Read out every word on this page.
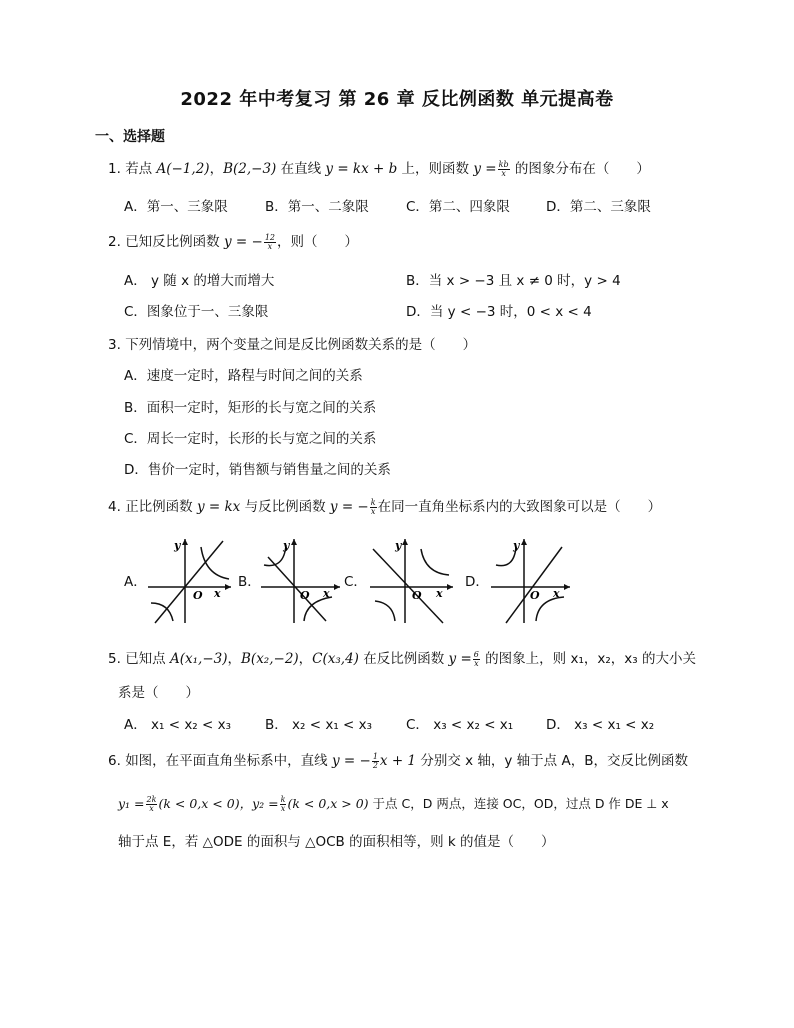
2022 年中考复习 第 26 章 反比例函数 单元提高卷
一、选择题
1. 若点 A(−1,2)，B(2,−3) 在直线 y = kx + b 上，则函数 $y = \frac{kb}{x}$ 的图象分布在（　　）
A．第一、三象限	B．第一、二象限	C．第二、四象限	D．第二、三象限
2. 已知反比例函数 y = − $\frac{12}{x}$ ，则（　　）
A． y 随 x 的增大而增大	B．当 x > −3 且 x ≠ 0 时，y > 4
C．图象位于一、三象限	D．当 y < −3 时，0 < x < 4
3. 下列情境中，两个变量之间是反比例函数关系的是（　　）
A．速度一定时，路程与时间之间的关系
B．面积一定时，矩形的长与宽之间的关系
C．周长一定时，长形的长与宽之间的关系
D．售价一定时，销售额与销售量之间的关系
4. 正比例函数 y = kx 与反比例函数 y = − $\frac{k}{x}$ 在同一直角坐标系内的大致图象可以是（　　）
A．	B．	C．	D．
y
x
O
y
x
O
y
x
O
y
x
O
5. 已知点 A(x₁,−3)，B(x₂,−2)，C(x₃,4) 在反比例函数 $y = \frac{6}{x}$ 的图象上，则 x₁，x₂，x₃ 的大小关
系是（　　）
A． x₁ < x₂ < x₃	B． x₂ < x₁ < x₃	C． x₃ < x₂ < x₁ D． x₃ < x₁ < x₂
6. 如图，在平面直角坐标系中，直线 y = − $\frac{1}{2}$ x + 1 分别交 x 轴，y 轴于点 A，B，交反比例函数
$y_1 = \frac{2k}{x} (k < 0,x < 0)$，$y_2 = \frac{k}{x} (k < 0,x > 0)$ 于点 C，D 两点，连接 OC，OD，过点 D 作 DE ⊥ x
轴于点 E，若 △ODE 的面积与 △OCB 的面积相等，则 k 的值是（　　）
